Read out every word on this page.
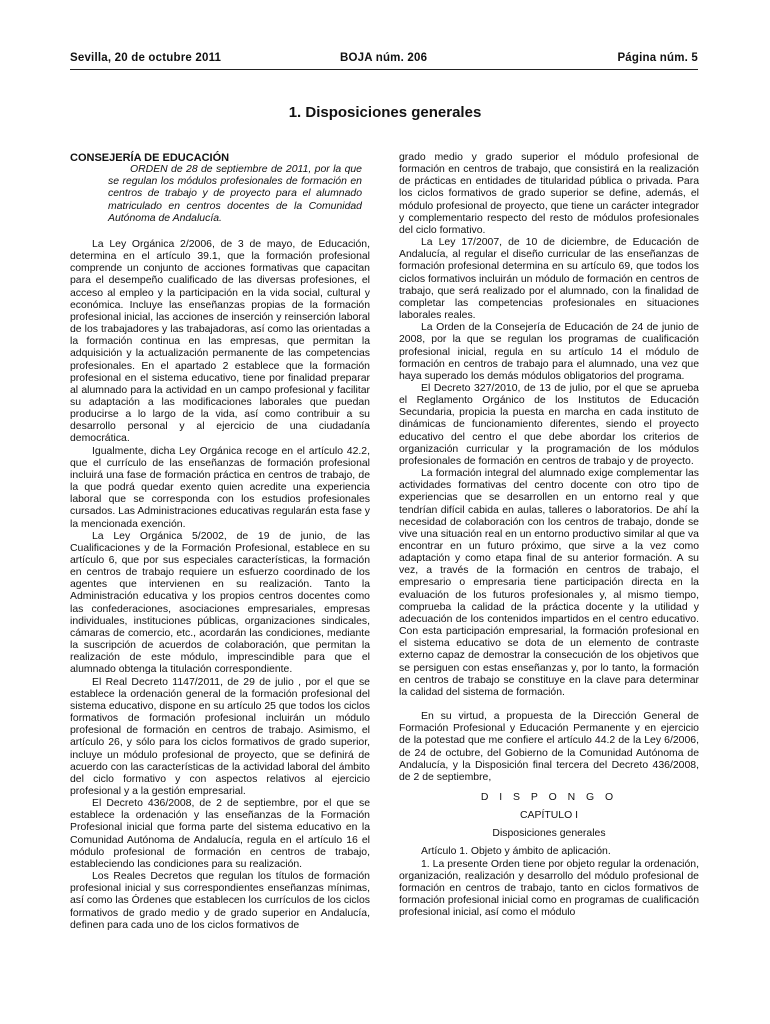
Sevilla, 20 de octubre 2011	BOJA núm. 206	Página núm. 5
1. Disposiciones generales

CONSEJERÍA DE EDUCACIÓN

ORDEN de 28 de septiembre de 2011, por la que se regulan los módulos profesionales de formación en centros de trabajo y de proyecto para el alumnado matriculado en centros docentes de la Comunidad Autónoma de Andalucía.

La Ley Orgánica 2/2006, de 3 de mayo, de Educación, determina en el artículo 39.1, que la formación profesional comprende un conjunto de acciones formativas que capacitan para el desempeño cualificado de las diversas profesiones, el acceso al empleo y la participación en la vida social, cultural y económica. Incluye las enseñanzas propias de la formación profesional inicial, las acciones de inserción y reinserción laboral de los trabajadores y las trabajadoras, así como las orientadas a la formación continua en las empresas, que permitan la adquisición y la actualización permanente de las competencias profesionales. En el apartado 2 establece que la formación profesional en el sistema educativo, tiene por finalidad preparar al alumnado para la actividad en un campo profesional y facilitar su adaptación a las modificaciones laborales que puedan producirse a lo largo de la vida, así como contribuir a su desarrollo personal y al ejercicio de una ciudadanía democrática.

Igualmente, dicha Ley Orgánica recoge en el artículo 42.2, que el currículo de las enseñanzas de formación profesional incluirá una fase de formación práctica en centros de trabajo, de la que podrá quedar exento quien acredite una experiencia laboral que se corresponda con los estudios profesionales cursados. Las Administraciones educativas regularán esta fase y la mencionada exención.

La Ley Orgánica 5/2002, de 19 de junio, de las Cualificaciones y de la Formación Profesional, establece en su artículo 6, que por sus especiales características, la formación en centros de trabajo requiere un esfuerzo coordinado de los agentes que intervienen en su realización. Tanto la Administración educativa y los propios centros docentes como las confederaciones, asociaciones empresariales, empresas individuales, instituciones públicas, organizaciones sindicales, cámaras de comercio, etc., acordarán las condiciones, mediante la suscripción de acuerdos de colaboración, que permitan la realización de este módulo, imprescindible para que el alumnado obtenga la titulación correspondiente.

El Real Decreto 1147/2011, de 29 de julio , por el que se establece la ordenación general de la formación profesional del sistema educativo, dispone en su artículo 25 que todos los ciclos formativos de formación profesional incluirán un módulo profesional de formación en centros de trabajo. Asimismo, el artículo 26, y sólo para los ciclos formativos de grado superior, incluye un módulo profesional de proyecto, que se definirá de acuerdo con las características de la actividad laboral del ámbito del ciclo formativo y con aspectos relativos al ejercicio profesional y a la gestión empresarial.

El Decreto 436/2008, de 2 de septiembre, por el que se establece la ordenación y las enseñanzas de la Formación Profesional inicial que forma parte del sistema educativo en la Comunidad Autónoma de Andalucía, regula en el artículo 16 el módulo profesional de formación en centros de trabajo, estableciendo las condiciones para su realización.

Los Reales Decretos que regulan los títulos de formación profesional inicial y sus correspondientes enseñanzas mínimas, así como las Órdenes que establecen los currículos de los ciclos formativos de grado medio y de grado superior en Andalucía, definen para cada uno de los ciclos formativos de

grado medio y grado superior el módulo profesional de formación en centros de trabajo, que consistirá en la realización de prácticas en entidades de titularidad pública o privada. Para los ciclos formativos de grado superior se define, además, el módulo profesional de proyecto, que tiene un carácter integrador y complementario respecto del resto de módulos profesionales del ciclo formativo.

La Ley 17/2007, de 10 de diciembre, de Educación de Andalucía, al regular el diseño curricular de las enseñanzas de formación profesional determina en su artículo 69, que todos los ciclos formativos incluirán un módulo de formación en centros de trabajo, que será realizado por el alumnado, con la finalidad de completar las competencias profesionales en situaciones laborales reales.

La Orden de la Consejería de Educación de 24 de junio de 2008, por la que se regulan los programas de cualificación profesional inicial, regula en su artículo 14 el módulo de formación en centros de trabajo para el alumnado, una vez que haya superado los demás módulos obligatorios del programa.

El Decreto 327/2010, de 13 de julio, por el que se aprueba el Reglamento Orgánico de los Institutos de Educación Secundaria, propicia la puesta en marcha en cada instituto de dinámicas de funcionamiento diferentes, siendo el proyecto educativo del centro el que debe abordar los criterios de organización curricular y la programación de los módulos profesionales de formación en centros de trabajo y de proyecto.

La formación integral del alumnado exige complementar las actividades formativas del centro docente con otro tipo de experiencias que se desarrollen en un entorno real y que tendrían difícil cabida en aulas, talleres o laboratorios. De ahí la necesidad de colaboración con los centros de trabajo, donde se vive una situación real en un entorno productivo similar al que va encontrar en un futuro próximo, que sirve a la vez como adaptación y como etapa final de su anterior formación. A su vez, a través de la formación en centros de trabajo, el empresario o empresaria tiene participación directa en la evaluación de los futuros profesionales y, al mismo tiempo, comprueba la calidad de la práctica docente y la utilidad y adecuación de los contenidos impartidos en el centro educativo. Con esta participación empresarial, la formación profesional en el sistema educativo se dota de un elemento de contraste externo capaz de demostrar la consecución de los objetivos que se persiguen con estas enseñanzas y, por lo tanto, la formación en centros de trabajo se constituye en la clave para determinar la calidad del sistema de formación.

En su virtud, a propuesta de la Dirección General de Formación Profesional y Educación Permanente y en ejercicio de la potestad que me confiere el artículo 44.2 de la Ley 6/2006, de 24 de octubre, del Gobierno de la Comunidad Autónoma de Andalucía, y la Disposición final tercera del Decreto 436/2008, de 2 de septiembre,

D I S P O N G O

CAPÍTULO I

Disposiciones generales

Artículo 1. Objeto y ámbito de aplicación.

1. La presente Orden tiene por objeto regular la ordenación, organización, realización y desarrollo del módulo profesional de formación en centros de trabajo, tanto en ciclos formativos de formación profesional inicial como en programas de cualificación profesional inicial, así como el módulo
